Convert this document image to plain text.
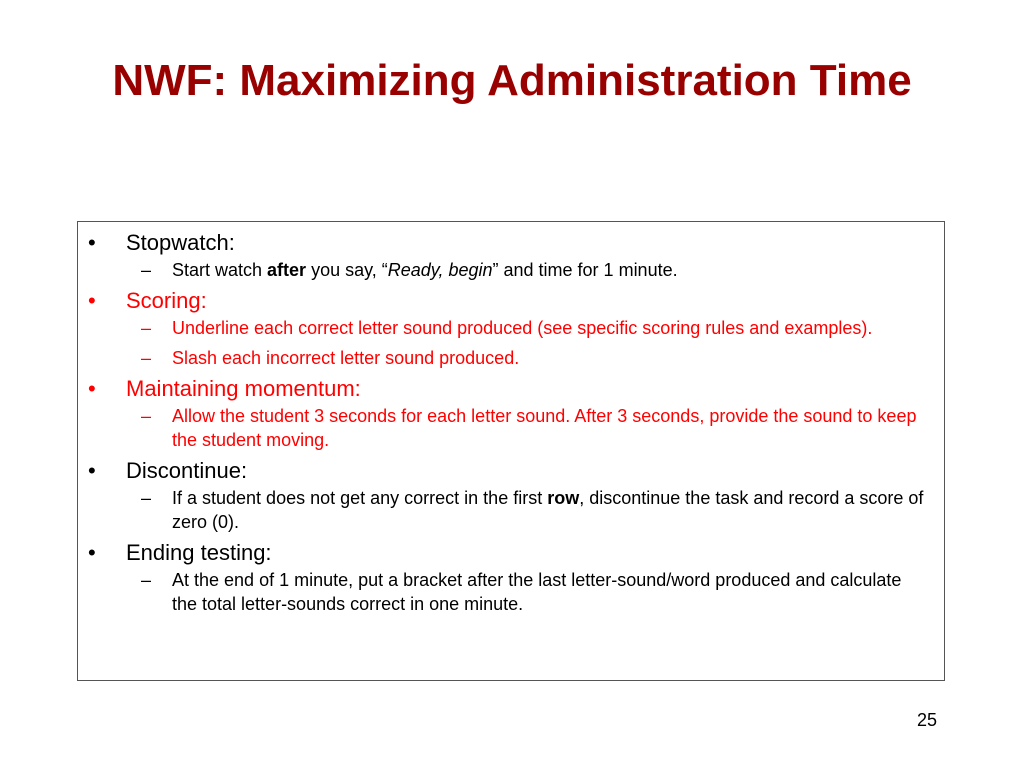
NWF: Maximizing Administration Time
• Stopwatch:
– Start watch after you say, “Ready, begin” and time for 1 minute.
• Scoring:
– Underline each correct letter sound produced (see specific scoring rules and examples).
– Slash each incorrect letter sound produced.
• Maintaining momentum:
– Allow the student 3 seconds for each letter sound. After 3 seconds, provide the sound to keep the student moving.
• Discontinue:
– If a student does not get any correct in the first row, discontinue the task and record a score of zero (0).
• Ending testing:
– At the end of 1 minute, put a bracket after the last letter-sound/word produced and calculate the total letter-sounds correct in one minute.
25
